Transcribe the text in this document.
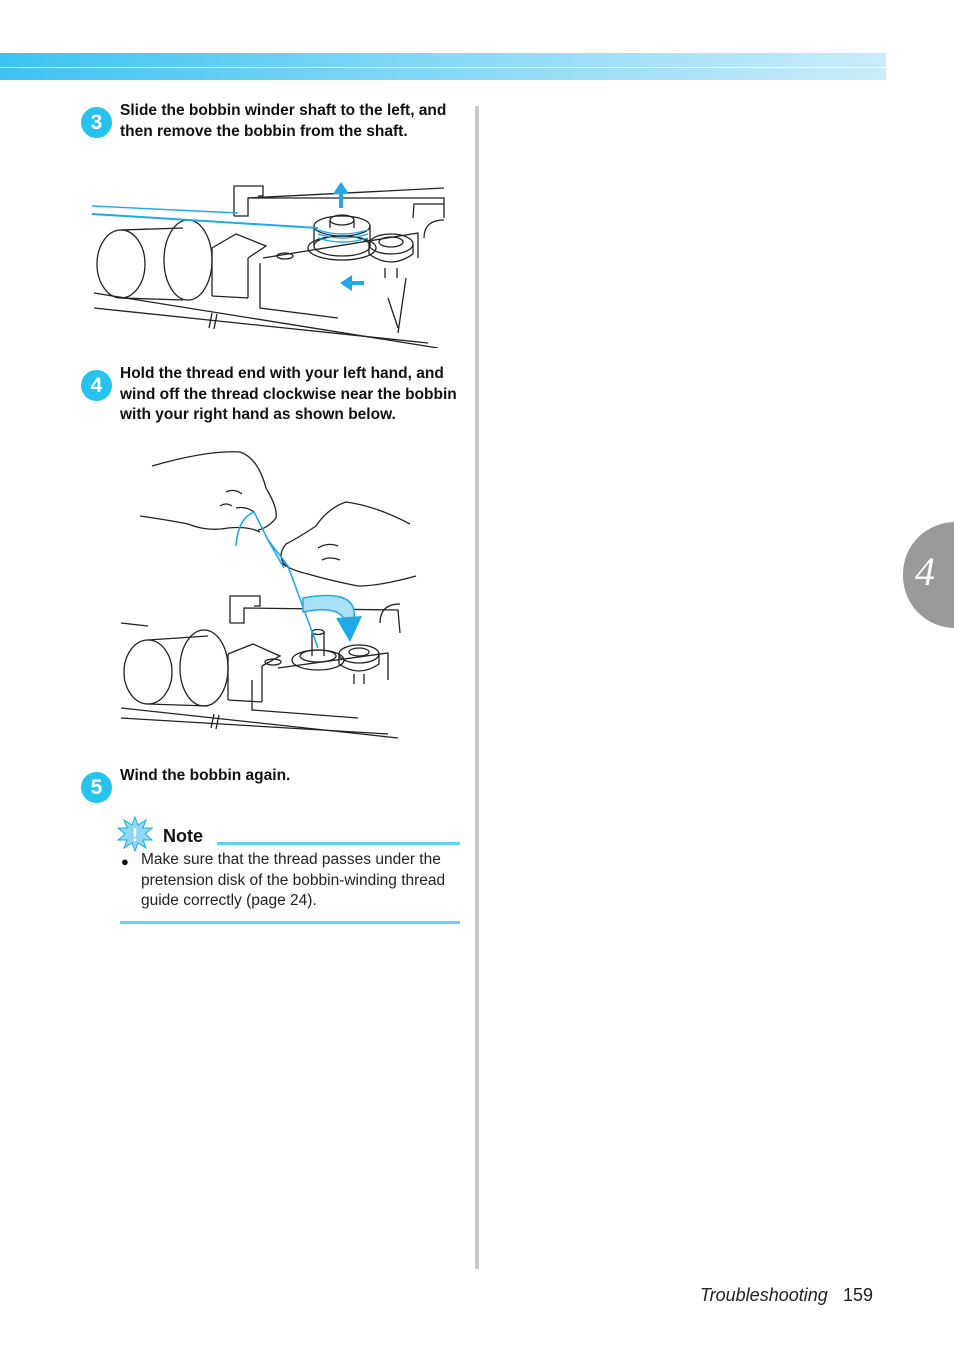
4
3
Slide the bobbin winder shaft to the left, and then remove the bobbin from the shaft.
4
Hold the thread end with your left hand, and wind off the thread clockwise near the bobbin with your right hand as shown below.
5
Wind the bobbin again.
! Note
● Make sure that the thread passes under the pretension disk of the bobbin-winding thread guide correctly (page 24).
Troubleshooting 159
